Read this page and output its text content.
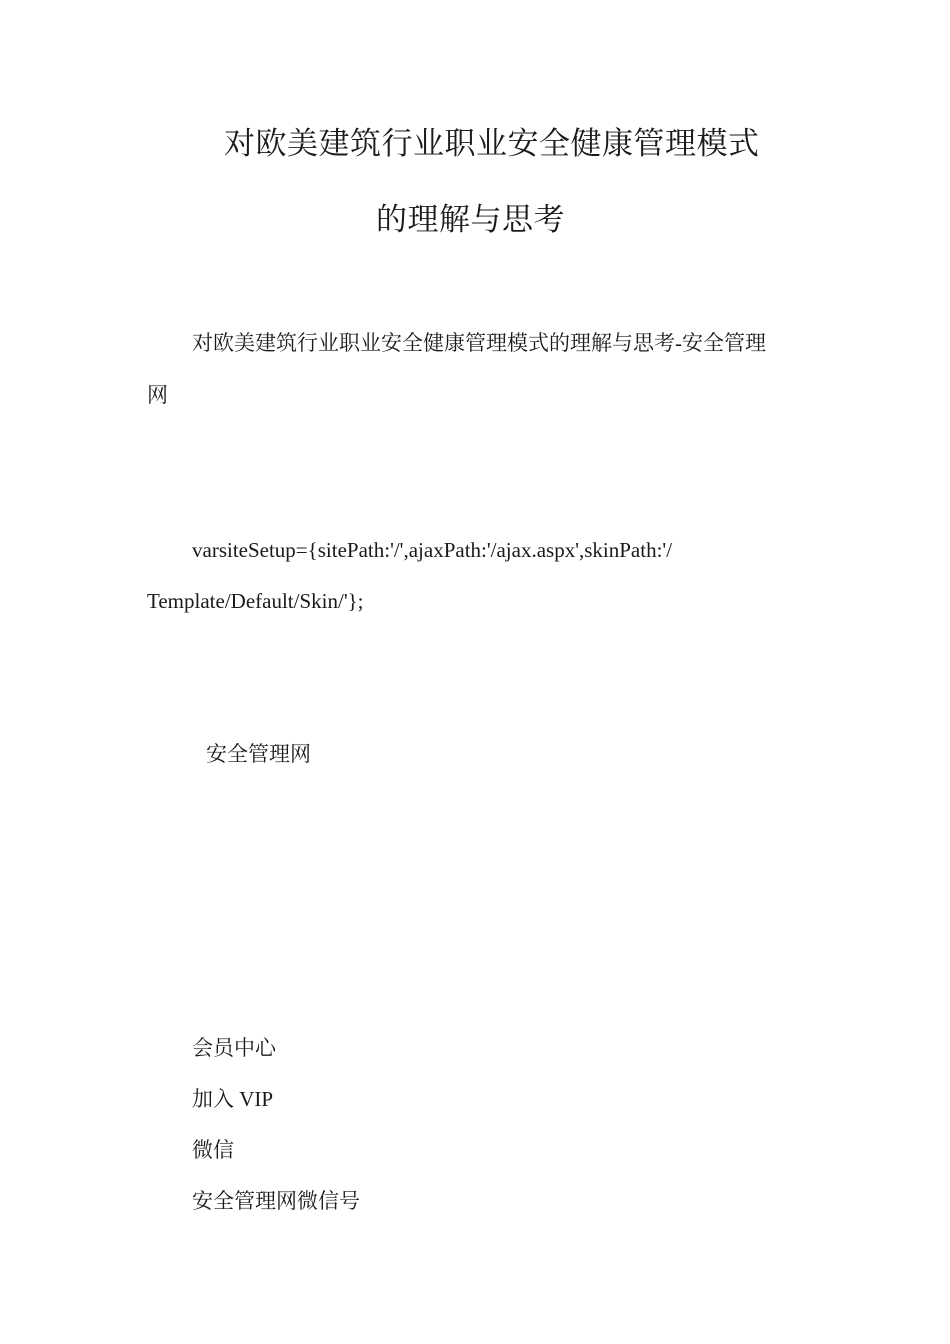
对欧美建筑行业职业安全健康管理模式
的理解与思考
对欧美建筑行业职业安全健康管理模式的理解与思考-安全管理
网
varsiteSetup={sitePath:'/',ajaxPath:'/ajax.aspx',skinPath:'/
Template/Default/Skin/'};
安全管理网
会员中心
加入 VIP
微信
安全管理网微信号
